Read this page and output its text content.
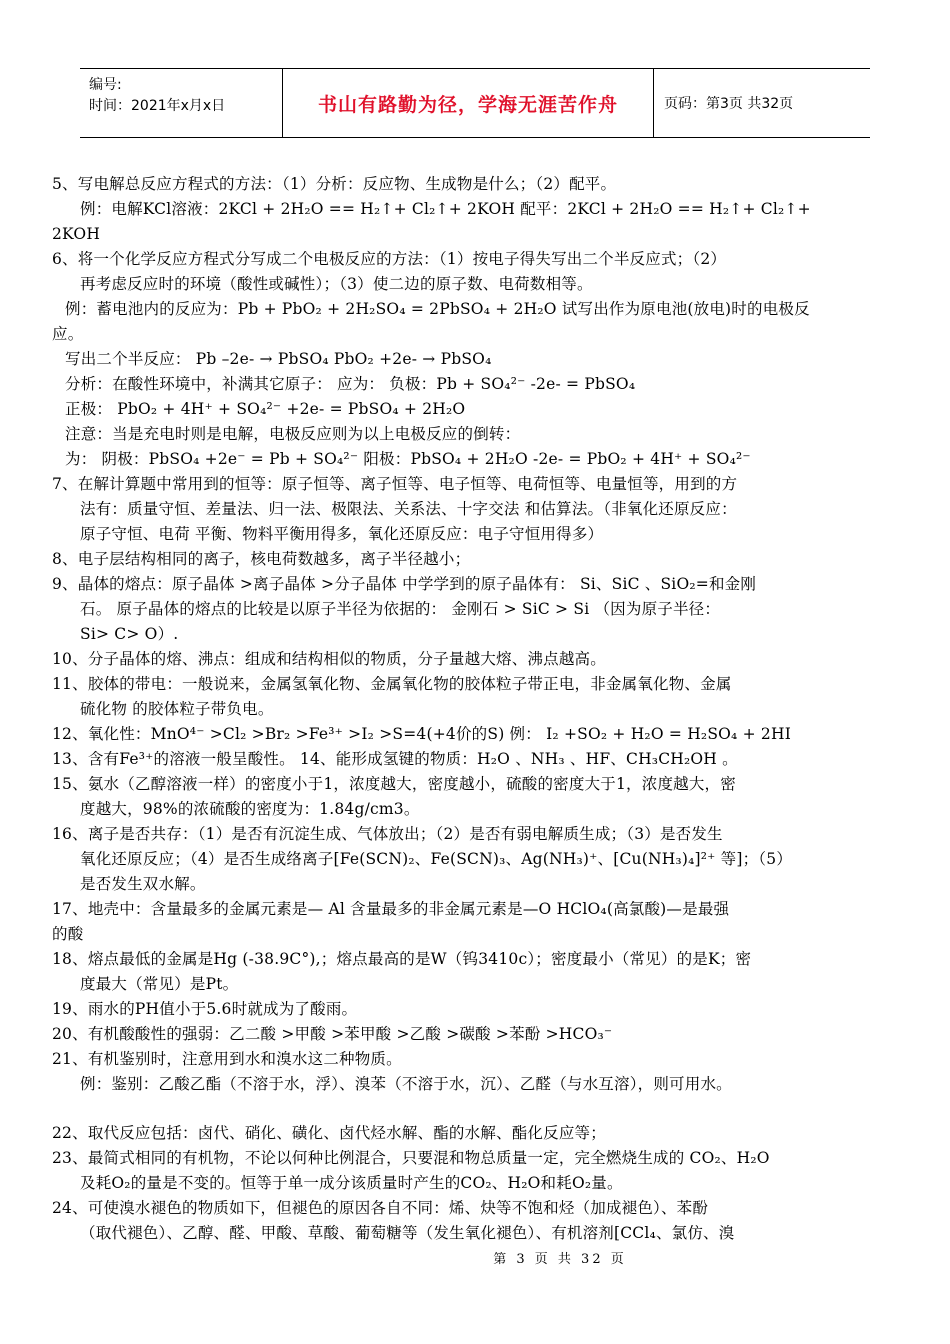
编号:
时间：2021年x月x日	书山有路勤为径，学海无涯苦作舟	页码：第3页 共32页
5、写电解总反应方程式的方法：（1）分析：反应物、生成物是什么；（2）配平。
例：电解KCl溶液：2KCl + 2H₂O == H₂↑+ Cl₂↑+ 2KOH 配平：2KCl + 2H₂O == H₂↑+ Cl₂↑+
2KOH
6、将一个化学反应方程式分写成二个电极反应的方法：（1）按电子得失写出二个半反应式；（2）
再考虑反应时的环境（酸性或碱性）；（3）使二边的原子数、电荷数相等。
例：蓄电池内的反应为：Pb + PbO₂ + 2H₂SO₄ = 2PbSO₄ + 2H₂O 试写出作为原电池(放电)时的电极反
应。
写出二个半反应： Pb –2e- → PbSO₄ PbO₂ +2e- → PbSO₄
分析：在酸性环境中，补满其它原子： 应为： 负极：Pb + SO₄²⁻ -2e- = PbSO₄
正极： PbO₂ + 4H⁺ + SO₄²⁻ +2e- = PbSO₄ + 2H₂O
注意：当是充电时则是电解，电极反应则为以上电极反应的倒转：
为： 阴极：PbSO₄ +2e⁻ = Pb + SO₄²⁻ 阳极：PbSO₄ + 2H₂O -2e- = PbO₂ + 4H⁺ + SO₄²⁻
7、在解计算题中常用到的恒等：原子恒等、离子恒等、电子恒等、电荷恒等、电量恒等，用到的方
法有：质量守恒、差量法、归一法、极限法、关系法、十字交法 和估算法。（非氧化还原反应：
原子守恒、电荷 平衡、物料平衡用得多，氧化还原反应：电子守恒用得多）
8、电子层结构相同的离子，核电荷数越多，离子半径越小；
9、晶体的熔点：原子晶体 >离子晶体 >分子晶体 中学学到的原子晶体有： Si、SiC 、SiO₂=和金刚
石。 原子晶体的熔点的比较是以原子半径为依据的： 金刚石 > SiC > Si （因为原子半径：
Si> C> O）.
10、分子晶体的熔、沸点：组成和结构相似的物质，分子量越大熔、沸点越高。
11、胶体的带电：一般说来，金属氢氧化物、金属氧化物的胶体粒子带正电，非金属氧化物、金属
硫化物 的胶体粒子带负电。
12、氧化性：MnO⁴⁻ >Cl₂ >Br₂ >Fe³⁺ >I₂ >S=4(+4价的S) 例： I₂ +SO₂ + H₂O = H₂SO₄ + 2HI
13、含有Fe³⁺的溶液一般呈酸性。 14、能形成氢键的物质：H₂O 、NH₃ 、HF、CH₃CH₂OH 。
15、氨水（乙醇溶液一样）的密度小于1，浓度越大，密度越小，硫酸的密度大于1，浓度越大，密
度越大，98%的浓硫酸的密度为：1.84g/cm3。
16、离子是否共存：（1）是否有沉淀生成、气体放出；（2）是否有弱电解质生成；（3）是否发生
氧化还原反应；（4）是否生成络离子[Fe(SCN)₂、Fe(SCN)₃、Ag(NH₃)⁺、[Cu(NH₃)₄]²⁺ 等]；（5）
是否发生双水解。
17、地壳中：含量最多的金属元素是— Al 含量最多的非金属元素是—O HClO₄(高氯酸)—是最强
的酸
18、熔点最低的金属是Hg (-38.9C°),；熔点最高的是W（钨3410c）；密度最小（常见）的是K；密
度最大（常见）是Pt。
19、雨水的PH值小于5.6时就成为了酸雨。
20、有机酸酸性的强弱：乙二酸 >甲酸 >苯甲酸 >乙酸 >碳酸 >苯酚 >HCO₃⁻
21、有机鉴别时，注意用到水和溴水这二种物质。
例：鉴别：乙酸乙酯（不溶于水，浮）、溴苯（不溶于水，沉）、乙醛（与水互溶），则可用水。
22、取代反应包括：卤代、硝化、磺化、卤代烃水解、酯的水解、酯化反应等；
23、最简式相同的有机物，不论以何种比例混合，只要混和物总质量一定，完全燃烧生成的 CO₂、H₂O
及耗O₂的量是不变的。恒等于单一成分该质量时产生的CO₂、H₂O和耗O₂量。
24、可使溴水褪色的物质如下，但褪色的原因各自不同：烯、炔等不饱和烃（加成褪色）、苯酚
（取代褪色）、乙醇、醛、甲酸、草酸、葡萄糖等（发生氧化褪色）、有机溶剂[CCl₄、氯仿、溴
第 3 页 共 32 页
